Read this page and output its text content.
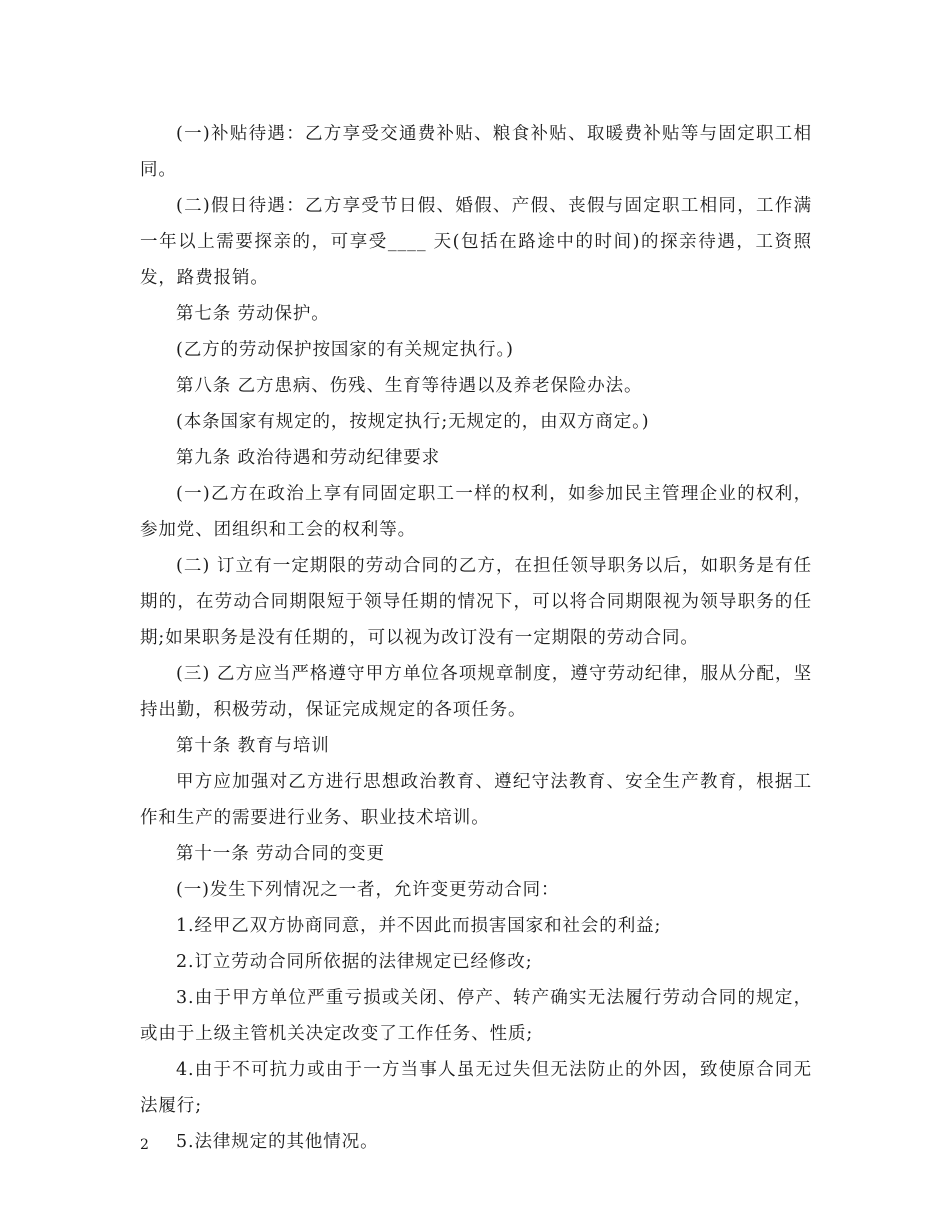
(一)补贴待遇：乙方享受交通费补贴、粮食补贴、取暖费补贴等与固定职工相同。

(二)假日待遇：乙方享受节日假、婚假、产假、丧假与固定职工相同，工作满一年以上需要探亲的，可享受____ 天(包括在路途中的时间)的探亲待遇，工资照发，路费报销。

第七条 劳动保护。

(乙方的劳动保护按国家的有关规定执行。)

第八条 乙方患病、伤残、生育等待遇以及养老保险办法。

(本条国家有规定的，按规定执行;无规定的，由双方商定。)

第九条 政治待遇和劳动纪律要求

(一)乙方在政治上享有同固定职工一样的权利，如参加民主管理企业的权利，参加党、团组织和工会的权利等。

(二) 订立有一定期限的劳动合同的乙方，在担任领导职务以后，如职务是有任期的，在劳动合同期限短于领导任期的情况下，可以将合同期限视为领导职务的任期;如果职务是没有任期的，可以视为改订没有一定期限的劳动合同。

(三) 乙方应当严格遵守甲方单位各项规章制度，遵守劳动纪律，服从分配，坚持出勤，积极劳动，保证完成规定的各项任务。

第十条 教育与培训

甲方应加强对乙方进行思想政治教育、遵纪守法教育、安全生产教育，根据工作和生产的需要进行业务、职业技术培训。

第十一条 劳动合同的变更

(一)发生下列情况之一者，允许变更劳动合同：

1.经甲乙双方协商同意，并不因此而损害国家和社会的利益;

2.订立劳动合同所依据的法律规定已经修改;

3.由于甲方单位严重亏损或关闭、停产、转产确实无法履行劳动合同的规定，或由于上级主管机关决定改变了工作任务、性质;

4.由于不可抗力或由于一方当事人虽无过失但无法防止的外因，致使原合同无法履行;

5.法律规定的其他情况。

2
